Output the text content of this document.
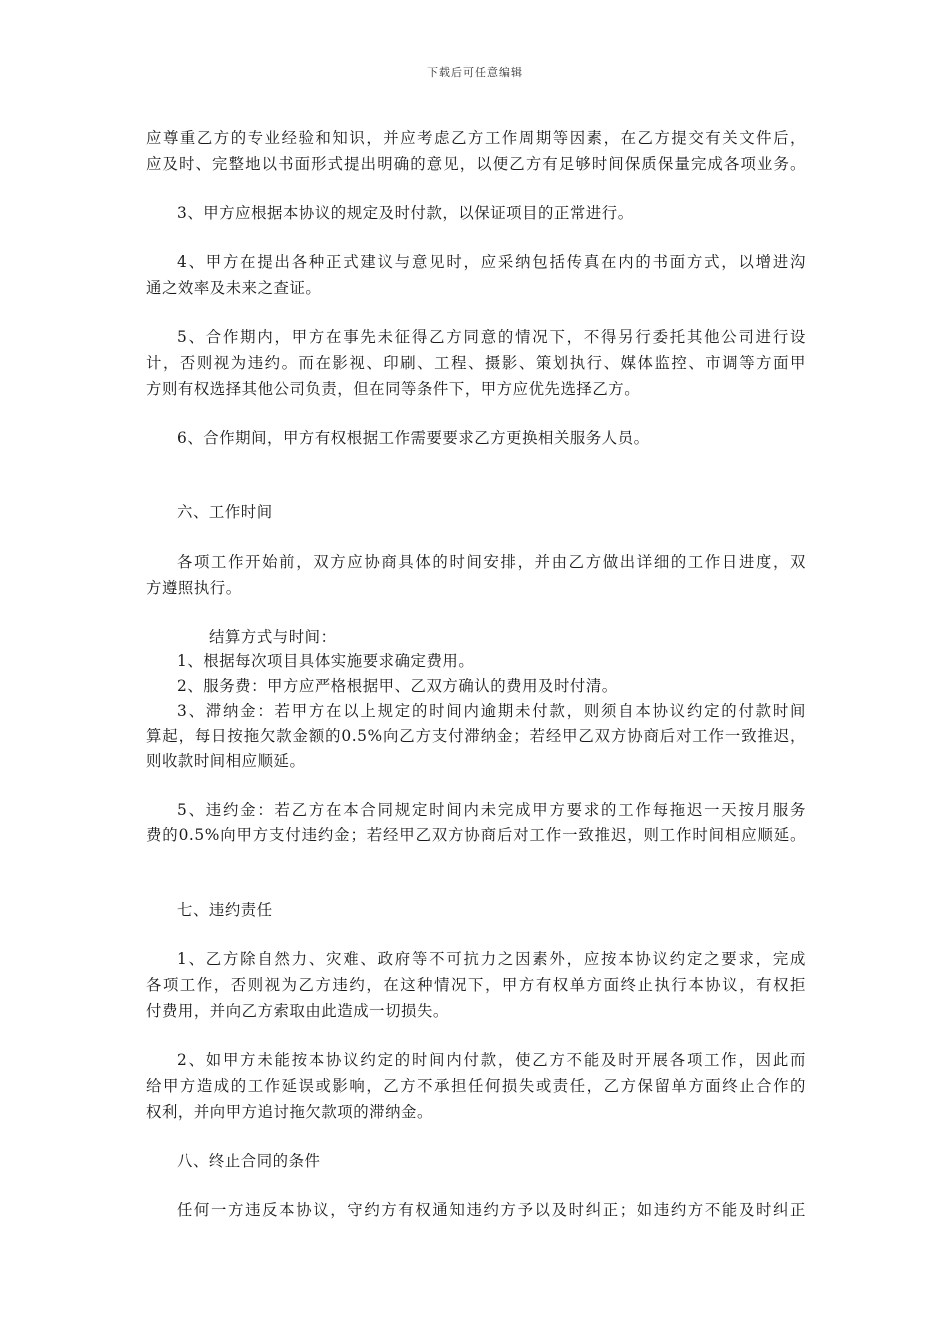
下载后可任意编辑
应尊重乙方的专业经验和知识，并应考虑乙方工作周期等因素，在乙方提交有关文件后，
应及时、完整地以书面形式提出明确的意见，以便乙方有足够时间保质保量完成各项业务。
3、甲方应根据本协议的规定及时付款，以保证项目的正常进行。
4、甲方在提出各种正式建议与意见时，应采纳包括传真在内的书面方式，以增进沟
通之效率及未来之查证。
5、合作期内，甲方在事先未征得乙方同意的情况下，不得另行委托其他公司进行设
计，否则视为违约。而在影视、印刷、工程、摄影、策划执行、媒体监控、市调等方面甲
方则有权选择其他公司负责，但在同等条件下，甲方应优先选择乙方。
6、合作期间，甲方有权根据工作需要要求乙方更换相关服务人员。
六、工作时间
各项工作开始前，双方应协商具体的时间安排，并由乙方做出详细的工作日进度，双
方遵照执行。
结算方式与时间：
1、根据每次项目具体实施要求确定费用。
2、服务费：甲方应严格根据甲、乙双方确认的费用及时付清。
3、滞纳金：若甲方在以上规定的时间内逾期未付款，则须自本协议约定的付款时间
算起，每日按拖欠款金额的0.5%向乙方支付滞纳金；若经甲乙双方协商后对工作一致推迟，
则收款时间相应顺延。
5、违约金：若乙方在本合同规定时间内未完成甲方要求的工作每拖迟一天按月服务
费的0.5%向甲方支付违约金；若经甲乙双方协商后对工作一致推迟，则工作时间相应顺延。
七、违约责任
1、乙方除自然力、灾难、政府等不可抗力之因素外，应按本协议约定之要求，完成
各项工作，否则视为乙方违约，在这种情况下，甲方有权单方面终止执行本协议，有权拒
付费用，并向乙方索取由此造成一切损失。
2、如甲方未能按本协议约定的时间内付款，使乙方不能及时开展各项工作，因此而
给甲方造成的工作延误或影响，乙方不承担任何损失或责任，乙方保留单方面终止合作的
权利，并向甲方追讨拖欠款项的滞纳金。
八、终止合同的条件
任何一方违反本协议，守约方有权通知违约方予以及时纠正；如违约方不能及时纠正
